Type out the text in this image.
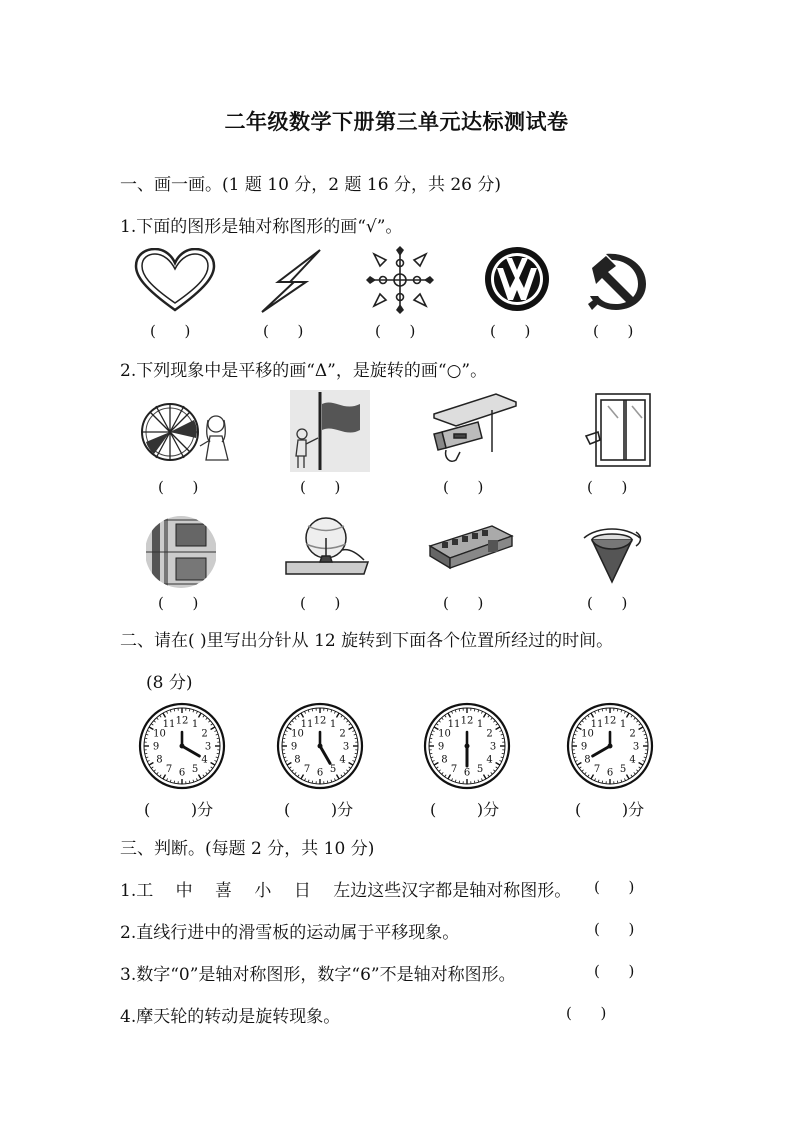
二年级数学下册第三单元达标测试卷
一、画一画。(1 题 10 分，2 题 16 分，共 26 分)
1.下面的图形是轴对称图形的画“√”。
(      )	(      )	(      )	(      )	(      )
2.下列现象中是平移的画“Δ”，是旋转的画“○”。
(      )	(      )	(      )	(      )
(      )	(      )	(      )	(      )
二、请在( )里写出分针从 12 旋转到下面各个位置所经过的时间。
(8 分)
12 1
2
3
4
5
6
7
8
9
10
11	12 1
2
3
4
5
6
7
8
9
10
11	12 1
2
3
4
5
6
7
8
9
10
11	12 1
2
3
4
5
6
7
8
9
10
11
(        )分	(        )分	(        )分	(        )分
三、判断。(每题 2 分，共 10 分)
1.工　 中　 喜　 小　 日　 左边这些汉字都是轴对称图形。 (      )
2.直线行进中的滑雪板的运动属于平移现象。	(      )
3.数字“0”是轴对称图形，数字“6”不是轴对称图形。	(      )
4.摩天轮的转动是旋转现象。	(      )
